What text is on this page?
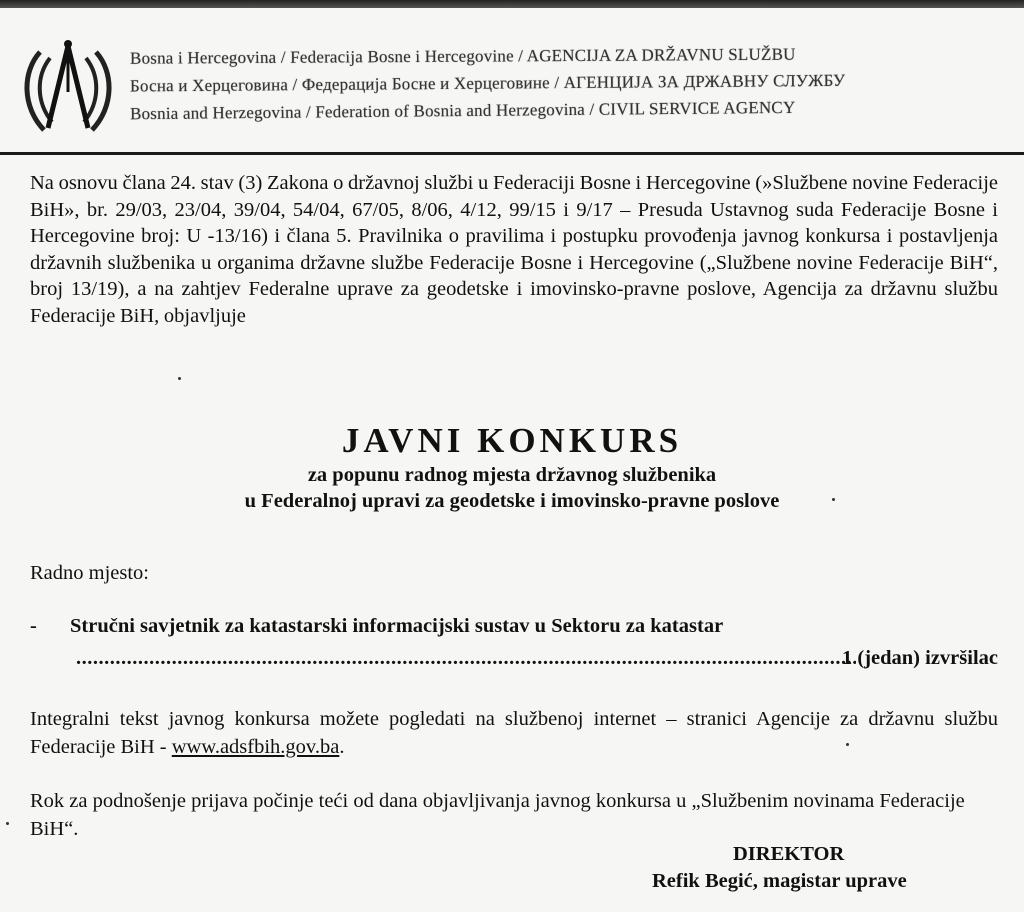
Bosna i Hercegovina / Federacija Bosne i Hercegovine / AGENCIJA ZA DRŽAVNU SLUŽBU
Босна и Херцеговина / Федерација Босне и Херцеговине / АГЕНЦИЈА ЗА ДРЖАВНУ СЛУЖБУ
Bosnia and Herzegovina / Federation of Bosnia and Herzegovina / CIVIL SERVICE AGENCY
Na osnovu člana 24. stav (3) Zakona o državnoj službi u Federaciji Bosne i Hercegovine (»Službene novine Federacije BiH», br. 29/03, 23/04, 39/04, 54/04, 67/05, 8/06, 4/12, 99/15 i 9/17 – Presuda Ustavnog suda Federacije Bosne i Hercegovine broj: U -13/16) i člana 5. Pravilnika o pravilima i postupku provođenja javnog konkursa i postavljenja državnih službenika u organima državne službe Federacije Bosne i Hercegovine („Službene novine Federacije BiH“, broj 13/19), a na zahtjev Federalne uprave za geodetske i imovinsko-pravne poslove, Agencija za državnu službu Federacije BiH, objavljuje
JAVNI KONKURS
za popunu radnog mjesta državnog službenika
u Federalnoj upravi za geodetske i imovinsko-pravne poslove
Radno mjesto:
- Stručni savjetnik za katastarski informacijski sustav u Sektoru za katastar
.....
1 (jedan) izvršilac
Integralni tekst javnog konkursa možete pogledati na službenoj internet – stranici Agencije za državnu službu Federacije BiH - www.adsfbih.gov.ba.
Rok za podnošenje prijava počinje teći od dana objavljivanja javnog konkursa u „Službenim novinama Federacije BiH“.
DIREKTOR
Refik Begić, magistar uprave
